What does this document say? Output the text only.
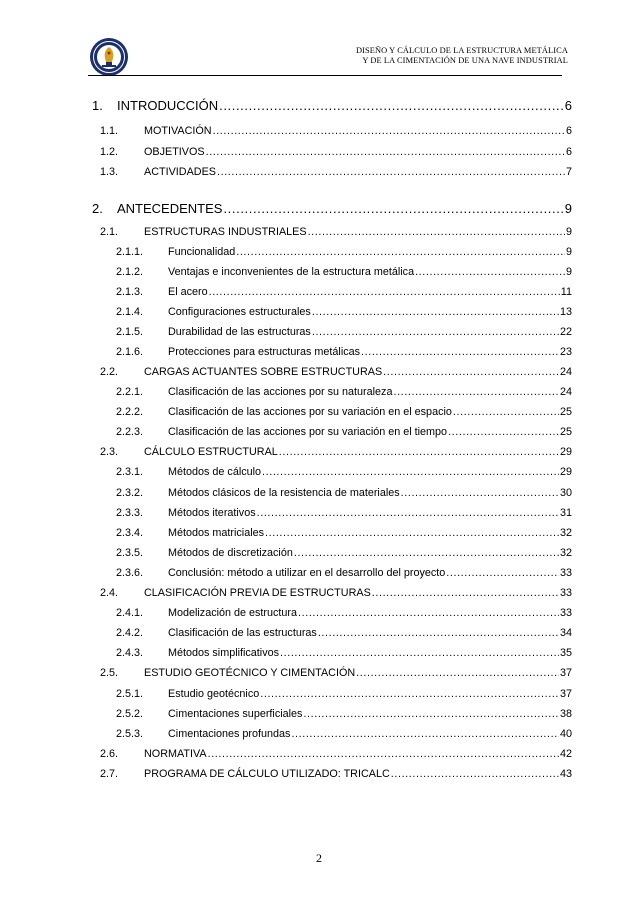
DISEÑO Y CÁLCULO DE LA ESTRUCTURA METÁLICA
Y DE LA CIMENTACIÓN DE UNA NAVE INDUSTRIAL
1.	INTRODUCCIÓN .....	6
1.1.	MOTIVACIÓN .....	6
1.2.	OBJETIVOS .....	6
1.3.	ACTIVIDADES .....	7
2.	ANTECEDENTES .....	9
2.1.	ESTRUCTURAS INDUSTRIALES .....	9
2.1.1.	Funcionalidad .....	9
2.1.2.	Ventajas e inconvenientes de la estructura metálica .....	9
2.1.3.	El acero .....	11
2.1.4.	Configuraciones estructurales .....	13
2.1.5.	Durabilidad de las estructuras .....	22
2.1.6.	Protecciones para estructuras metálicas .....	23
2.2.	CARGAS ACTUANTES SOBRE ESTRUCTURAS .....	24
2.2.1.	Clasificación de las acciones por su naturaleza .....	24
2.2.2.	Clasificación de las acciones por su variación en el espacio .....	25
2.2.3.	Clasificación de las acciones por su variación en el tiempo .....	25
2.3.	CÁLCULO ESTRUCTURAL .....	29
2.3.1.	Métodos de cálculo .....	29
2.3.2.	Métodos clásicos de la resistencia de materiales .....	30
2.3.3.	Métodos iterativos .....	31
2.3.4.	Métodos matriciales .....	32
2.3.5.	Métodos de discretización .....	32
2.3.6.	Conclusión: método a utilizar en el desarrollo del proyecto .....	33
2.4.	CLASIFICACIÓN PREVIA DE ESTRUCTURAS .....	33
2.4.1.	Modelización de estructura .....	33
2.4.2.	Clasificación de las estructuras .....	34
2.4.3.	Métodos simplificativos .....	35
2.5.	ESTUDIO GEOTÉCNICO Y CIMENTACIÓN .....	37
2.5.1.	Estudio geotécnico .....	37
2.5.2.	Cimentaciones superficiales .....	38
2.5.3.	Cimentaciones profundas .....	40
2.6.	NORMATIVA .....	42
2.7.	PROGRAMA DE CÁLCULO UTILIZADO: TRICALC .....	43
2
